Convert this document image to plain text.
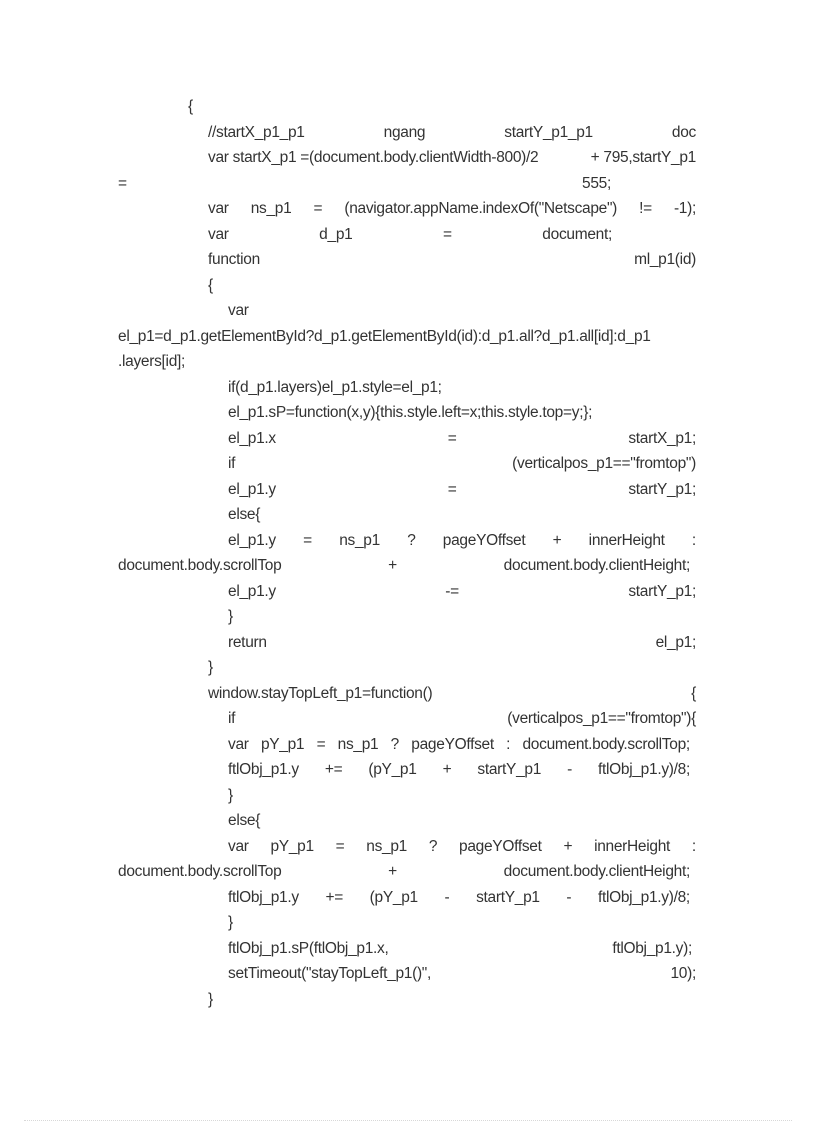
{
//startX_p1_p1	ngang	startY_p1_p1	doc
var startX_p1 =(document.body.clientWidth-800)/2	+ 795,startY_p1
=	555;
var ns_p1 = (navigator.appName.indexOf("Netscape") != -1);
var	d_p1	=	document;
function	ml_p1(id)
{
var
el_p1=d_p1.getElementById?d_p1.getElementById(id):d_p1.all?d_p1.all[id]:d_p1
.layers[id];
if(d_p1.layers)el_p1.style=el_p1;
el_p1.sP=function(x,y){this.style.left=x;this.style.top=y;};
el_p1.x	=	startX_p1;
if	(verticalpos_p1=="fromtop")
el_p1.y	=	startY_p1;
else{
el_p1.y = ns_p1 ? pageYOffset + innerHeight :
document.body.scrollTop	+	document.body.clientHeight;
el_p1.y	-=	startY_p1;
}
return	el_p1;
}
window.stayTopLeft_p1=function()	{
if	(verticalpos_p1=="fromtop"){
var pY_p1 = ns_p1 ? pageYOffset : document.body.scrollTop;
ftlObj_p1.y += (pY_p1 + startY_p1 - ftlObj_p1.y)/8;
}
else{
var pY_p1 = ns_p1 ? pageYOffset + innerHeight :
document.body.scrollTop	+	document.body.clientHeight;
ftlObj_p1.y += (pY_p1 - startY_p1 - ftlObj_p1.y)/8;
}
ftlObj_p1.sP(ftlObj_p1.x,	ftlObj_p1.y);
setTimeout("stayTopLeft_p1()",	10);
}
